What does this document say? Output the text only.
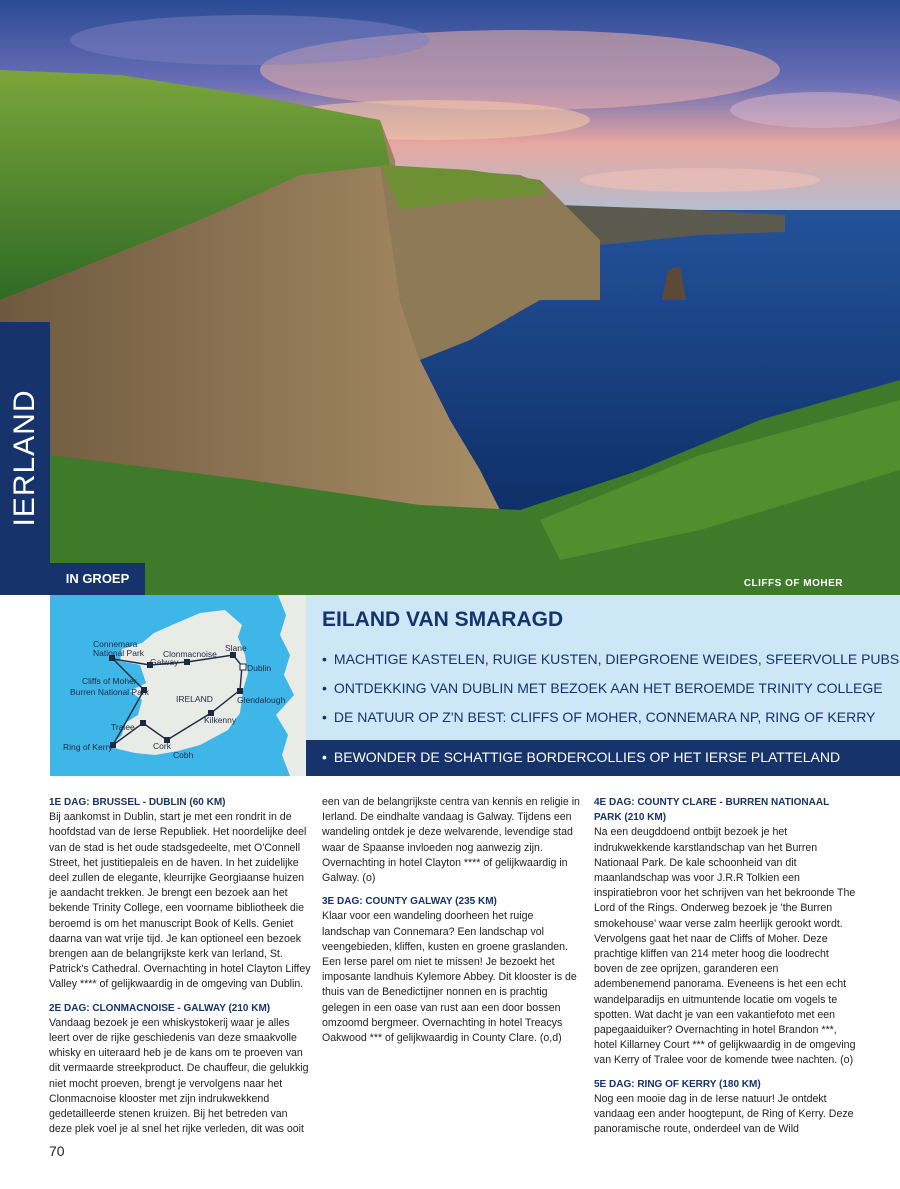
IERLAND
IN GROEP	CLIFFS OF MOHER
Connemara
National Park Clonmacnoise
Slane
Galway
Dublin
Cliffs of Moher
Burren National Park
IRELAND	Glendalough
Kilkenny
Tralee
Ring of Kerry	Cork
Cobh
EILAND VAN SMARAGD
• MACHTIGE KASTELEN, RUIGE KUSTEN, DIEPGROENE WEIDES, SFEERVOLLE PUBS
• ONTDEKKING VAN DUBLIN MET BEZOEK AAN HET BEROEMDE TRINITY COLLEGE
• DE NATUUR OP Z'N BEST: CLIFFS OF MOHER, CONNEMARA NP, RING OF KERRY
• BEWONDER DE SCHATTIGE BORDERCOLLIES OP HET IERSE PLATTELAND
1E DAG: BRUSSEL - DUBLIN (60 KM)

Bij aankomst in Dublin, start je met een rondrit in de hoofdstad van de Ierse Republiek. Het noordelijke deel van de stad is het oude stadsgedeelte, met O'Connell Street, het justitiepaleis en de haven. In het zuidelijke deel zullen de elegante, kleurrijke Georgiaanse huizen je aandacht trekken. Je brengt een bezoek aan het bekende Trinity College, een voorname bibliotheek die beroemd is om het manuscript Book of Kells. Geniet daarna van wat vrije tijd. Je kan optioneel een bezoek brengen aan de belangrijkste kerk van Ierland, St. Patrick's Cathedral. Overnachting in hotel Clayton Liffey Valley **** of gelijkwaardig in de omgeving van Dublin.

2E DAG: CLONMACNOISE - GALWAY (210 KM)

Vandaag bezoek je een whiskystokerij waar je alles leert over de rijke geschiedenis van deze smaakvolle whisky en uiteraard heb je de kans om te proeven van dit vermaarde streekproduct. De chauffeur, die gelukkig niet mocht proeven, brengt je vervolgens naar het Clonmacnoise klooster met zijn indrukwekkend gedetailleerde stenen kruizen. Bij het betreden van deze plek voel je al snel het rijke verleden, dit was ooit

een van de belangrijkste centra van kennis en religie in Ierland. De eindhalte vandaag is Galway. Tijdens een wandeling ontdek je deze welvarende, levendige stad waar de Spaanse invloeden nog aanwezig zijn. Overnachting in hotel Clayton **** of gelijkwaardig in Galway. (o)

3E DAG: COUNTY GALWAY (235 KM)

Klaar voor een wandeling doorheen het ruige landschap van Connemara? Een landschap vol veengebieden, kliffen, kusten en groene graslanden. Een Ierse parel om niet te missen! Je bezoekt het imposante landhuis Kylemore Abbey. Dit klooster is de thuis van de Benedictijner nonnen en is prachtig gelegen in een oase van rust aan een door bossen omzoomd bergmeer. Overnachting in hotel Treacys Oakwood *** of gelijkwaardig in County Clare. (o,d)

4E DAG: COUNTY CLARE - BURREN NATIONAAL
PARK (210 KM)

Na een deugddoend ontbijt bezoek je het indrukwekkende karstlandschap van het Burren Nationaal Park. De kale schoonheid van dit maanlandschap was voor J.R.R Tolkien een inspiratiebron voor het schrijven van het bekroonde The Lord of the Rings. Onderweg bezoek je 'the Burren smokehouse' waar verse zalm heerlijk gerookt wordt. Vervolgens gaat het naar de Cliffs of Moher. Deze prachtige kliffen van 214 meter hoog die loodrecht boven de zee oprijzen, garanderen een adembenemend panorama. Eveneens is het een echt wandelparadijs en uitmuntende locatie om vogels te spotten. Wat dacht je van een vakantiefoto met een papegaaiduiker? Overnachting in hotel Brandon ***, hotel Killarney Court *** of gelijkwaardig in de omgeving van Kerry of Tralee voor de komende twee nachten. (o)

5E DAG: RING OF KERRY (180 KM)

Nog een mooie dag in de Ierse natuur! Je ontdekt vandaag een ander hoogtepunt, de Ring of Kerry. Deze panoramische route, onderdeel van de Wild

70
